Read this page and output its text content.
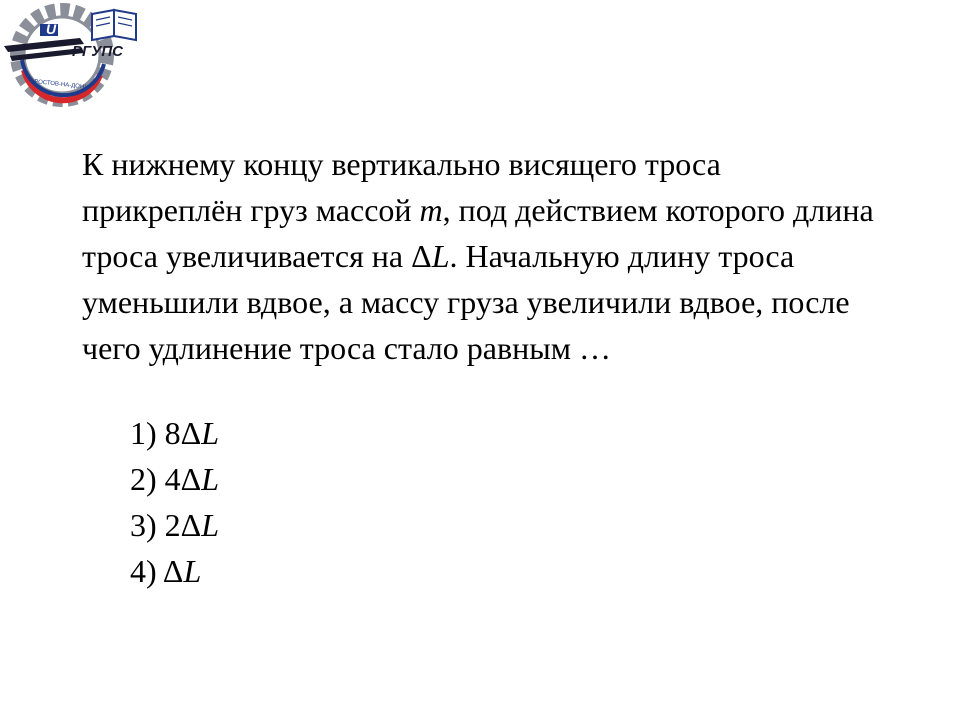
U
РГУПС
РОСТОВ-НА-ДОНУ

К нижнему концу вертикально висящего троса прикреплён груз массой m, под действием которого длина троса увеличивается на ΔL. Начальную длину троса уменьшили вдвое, а массу груза увеличили вдвое, после чего удлинение троса стало равным …

1) 8ΔL
2) 4ΔL
3) 2ΔL
4) ΔL
